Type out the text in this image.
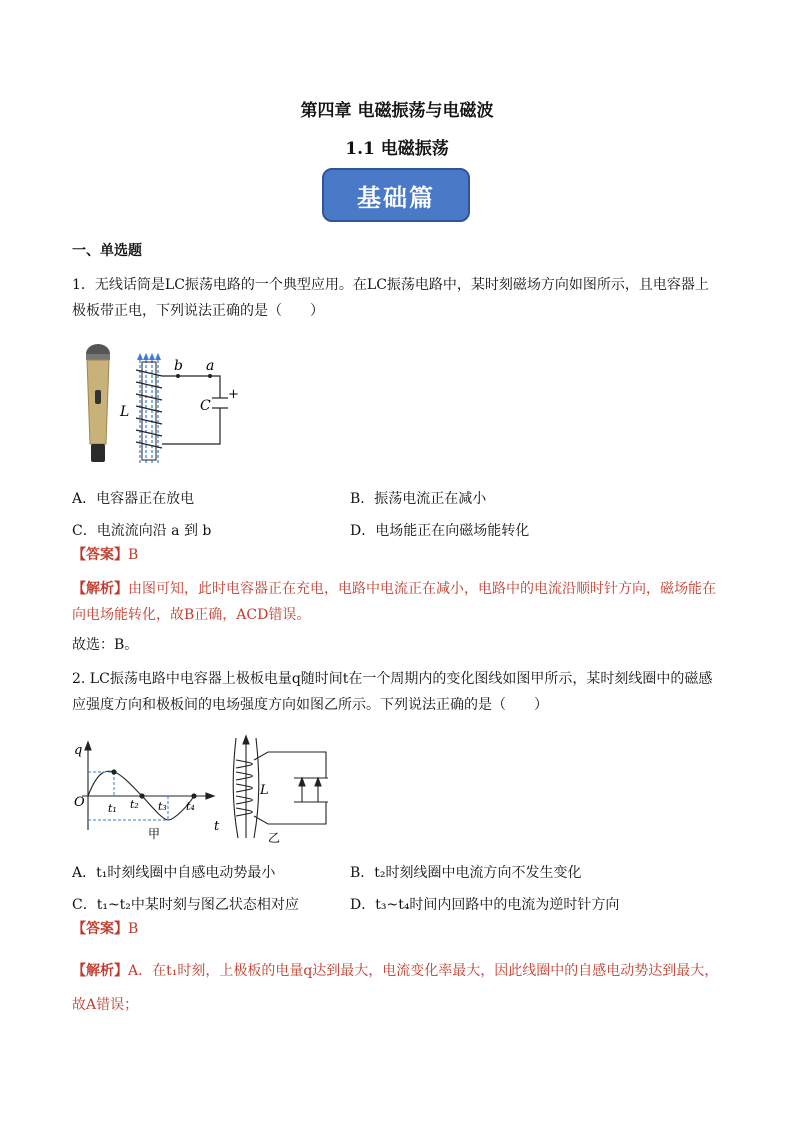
第四章 电磁振荡与电磁波
1.1 电磁振荡
基础篇
一、单选题
1．无线话筒是LC振荡电路的一个典型应用。在LC振荡电路中，某时刻磁场方向如图所示，且电容器上极板带正电，下列说法正确的是（　　）
b a
L	C
+
A．电容器正在放电	B．振荡电流正在减小
C．电流流向沿 a 到 b	D．电场能正在向磁场能转化
【答案】B
【解析】由图可知，此时电容器正在充电，电路中电流正在减小，电路中的电流沿顺时针方向，磁场能在向电场能转化，故B正确，ACD错误。
故选：B。
2. LC振荡电路中电容器上极板电量q随时间t在一个周期内的变化图线如图甲所示，某时刻线圈中的磁感应强度方向和极板间的电场强度方向如图乙所示。下列说法正确的是（　　）
q
O
t
t₁ t₂ t₃ t₄
甲
L
乙
A．t₁时刻线圈中自感电动势最小	B．t₂时刻线圈中电流方向不发生变化
C．t₁~t₂中某时刻与图乙状态相对应	D．t₃~t₄时间内回路中的电流为逆时针方向
【答案】B
【解析】A．在t₁时刻，上极板的电量q达到最大，电流变化率最大，因此线圈中的自感电动势达到最大，故A错误；
